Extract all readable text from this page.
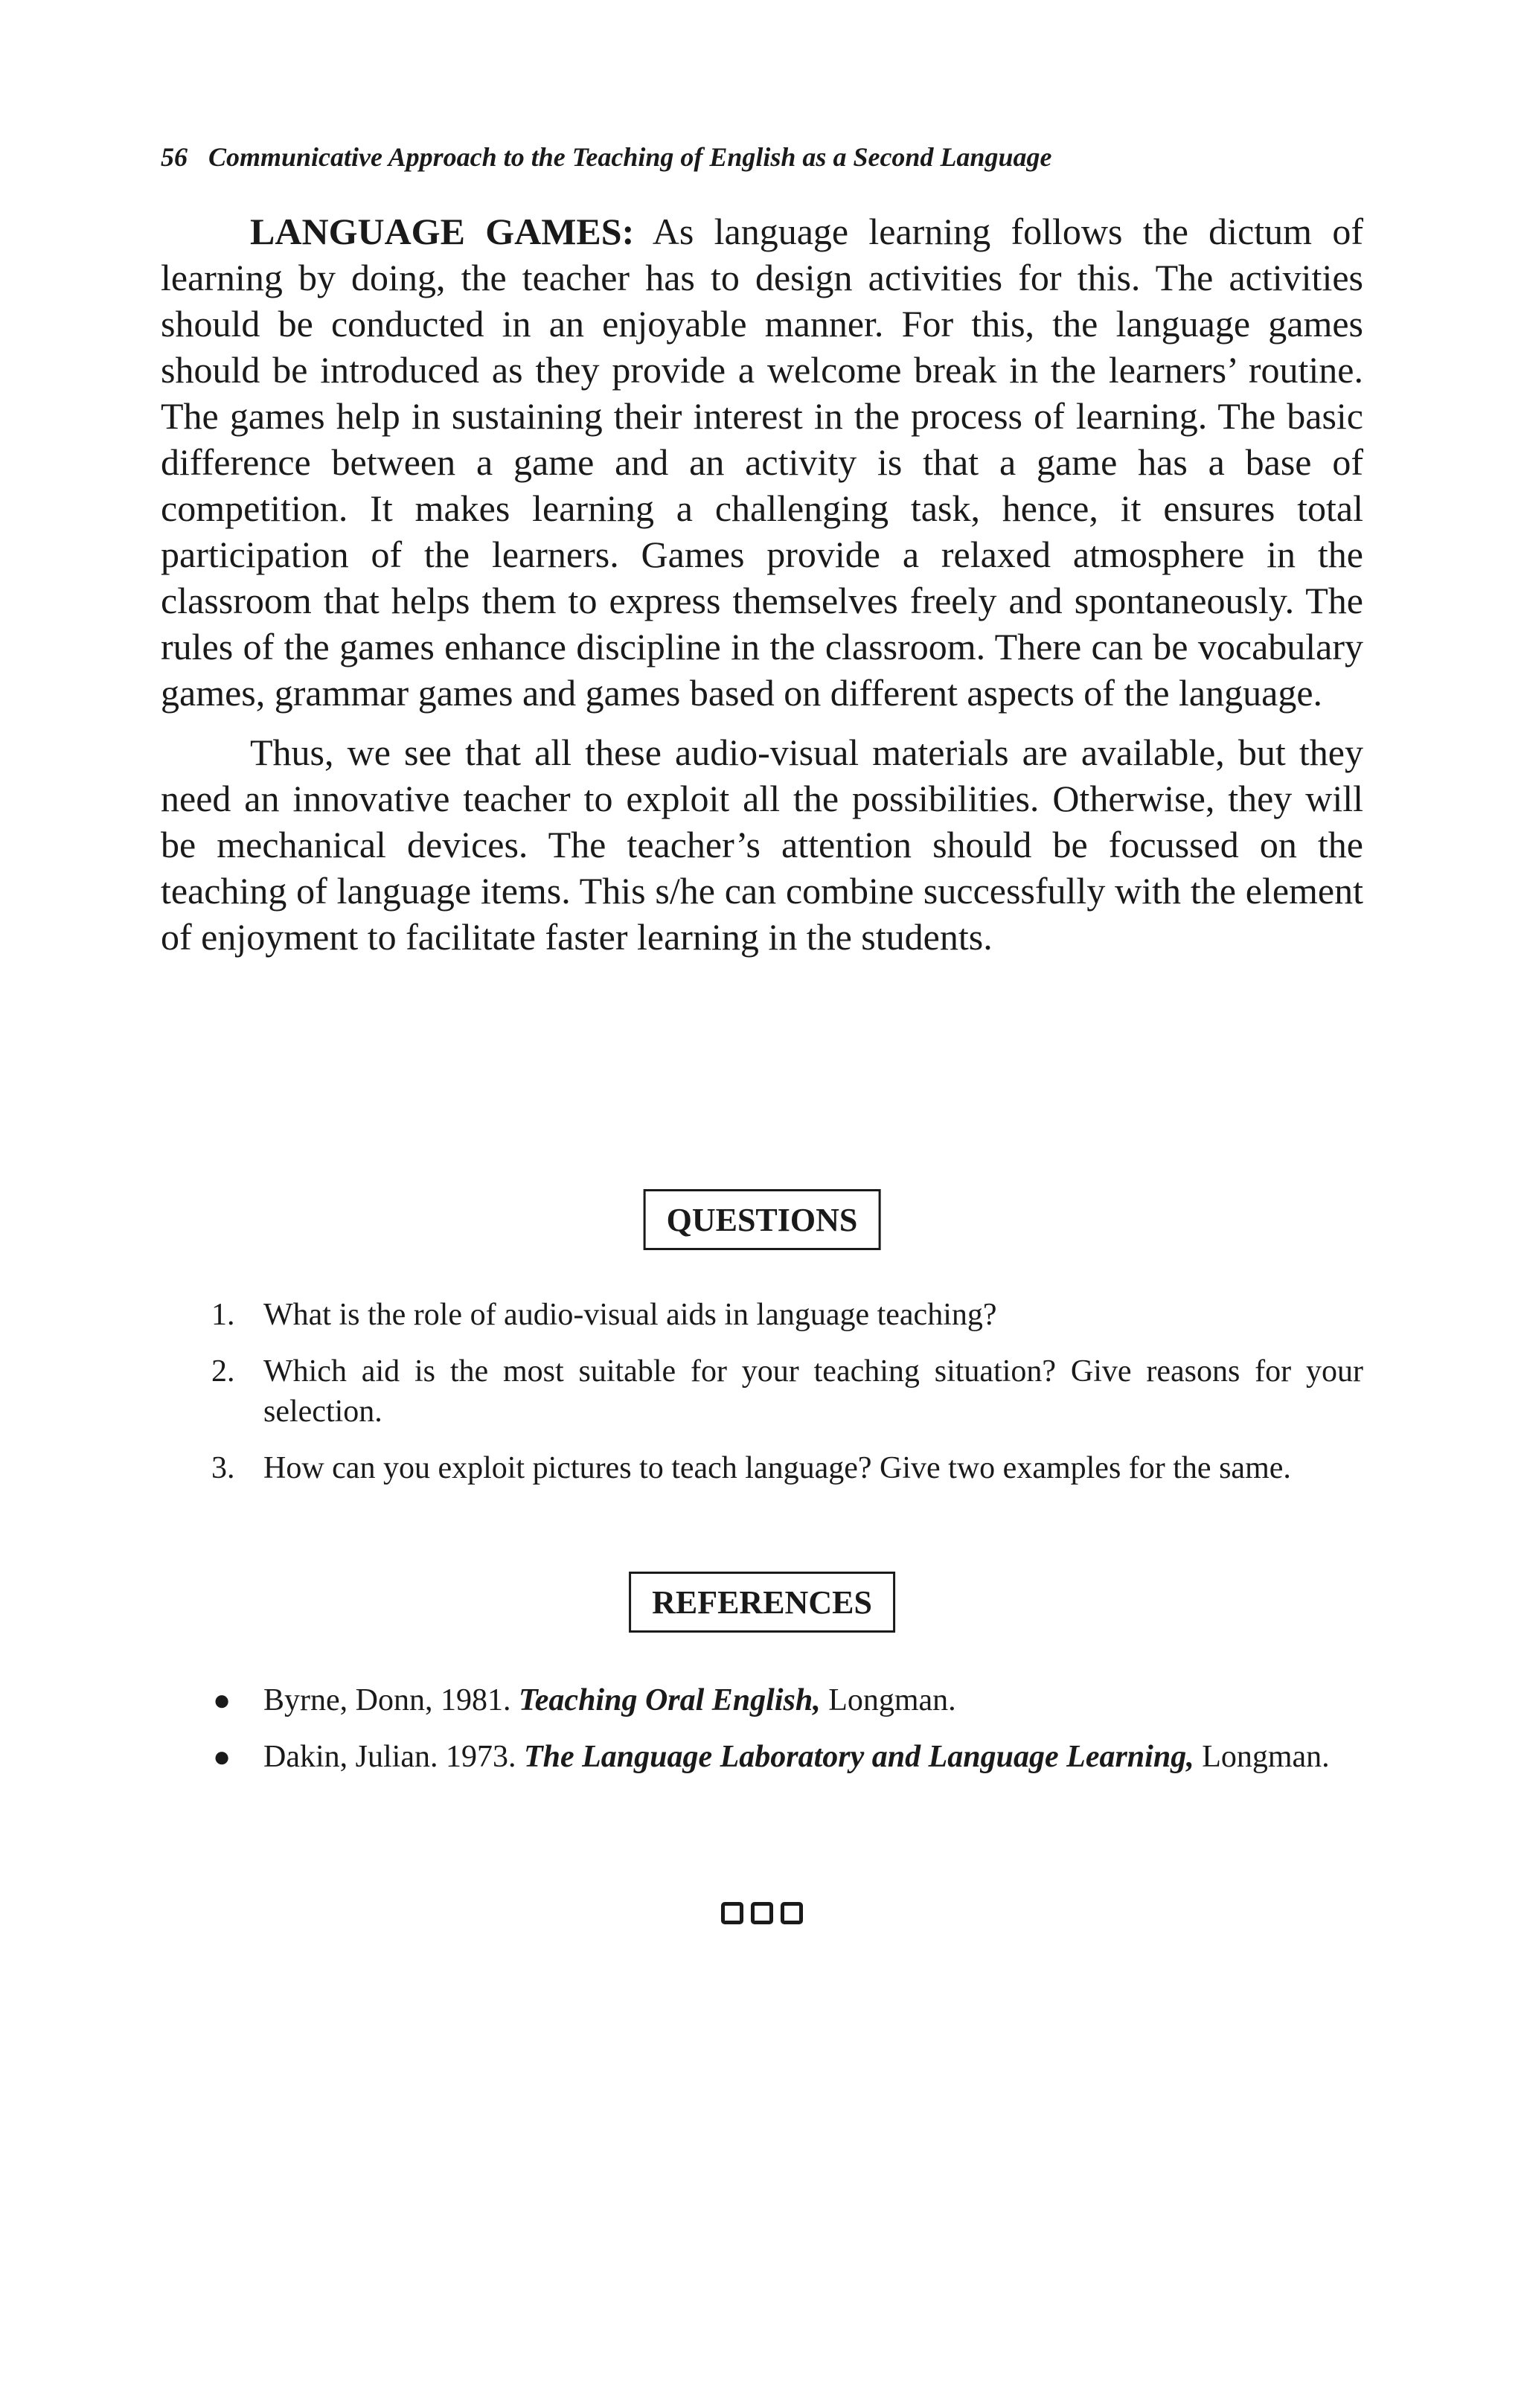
56 Communicative Approach to the Teaching of English as a Second Language

LANGUAGE GAMES: As language learning follows the dictum of learning by doing, the teacher has to design activities for this. The activities should be conducted in an enjoyable manner. For this, the language games should be introduced as they provide a welcome break in the learners’ routine. The games help in sustaining their interest in the process of learning. The basic difference between a game and an activity is that a game has a base of competition. It makes learning a challenging task, hence, it ensures total participation of the learners. Games provide a relaxed atmosphere in the classroom that helps them to express themselves freely and spontaneously. The rules of the games enhance discipline in the classroom. There can be vocabulary games, grammar games and games based on different aspects of the language.

Thus, we see that all these audio-visual materials are available, but they need an innovative teacher to exploit all the possibilities. Otherwise, they will be mechanical devices. The teacher’s attention should be focussed on the teaching of language items. This s/he can combine successfully with the element of enjoyment to facilitate faster learning in the students.

QUESTIONS
1. What is the role of audio-visual aids in language teaching?
2. Which aid is the most suitable for your teaching situation? Give reasons for your selection.
3. How can you exploit pictures to teach language? Give two examples for the same.
REFERENCES
● Byrne, Donn, 1981. Teaching Oral English, Longman.
● Dakin, Julian. 1973. The Language Laboratory and Language Learning, Longman.
